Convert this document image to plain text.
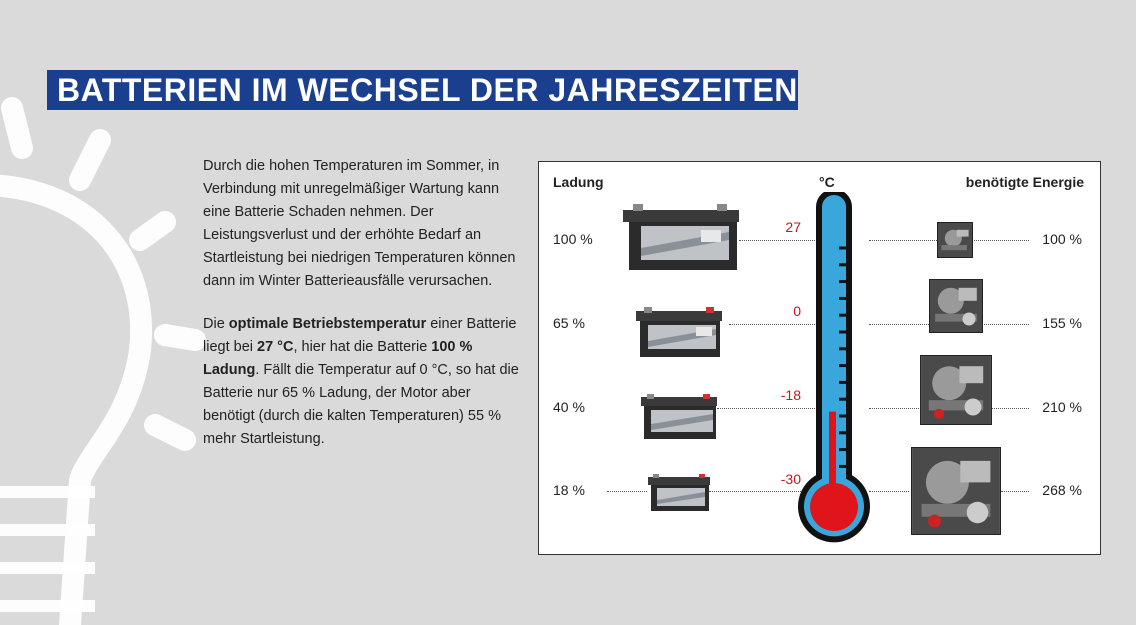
BATTERIEN IM WECHSEL DER JAHRESZEITEN

Durch die hohen Temperaturen im Sommer, in Verbindung mit unregelmäßiger Wartung kann eine Batterie Schaden nehmen. Der Leistungsverlust und der erhöhte Bedarf an Startleistung bei niedrigen Temperaturen können dann im Winter Batterieausfälle verursachen.

Die optimale Betriebstemperatur einer Batterie liegt bei 27 °C, hier hat die Batterie 100 % Ladung. Fällt die Temperatur auf 0 °C, so hat die Batterie nur 65 % Ladung, der Motor aber benötigt (durch die kalten Temperaturen) 55 % mehr Startleistung.

Ladung	°C	benötigte Energie
100 %
27
100 %
65 %
0
155 %
40 %
-18
210 %
18 %
-30
268 %
